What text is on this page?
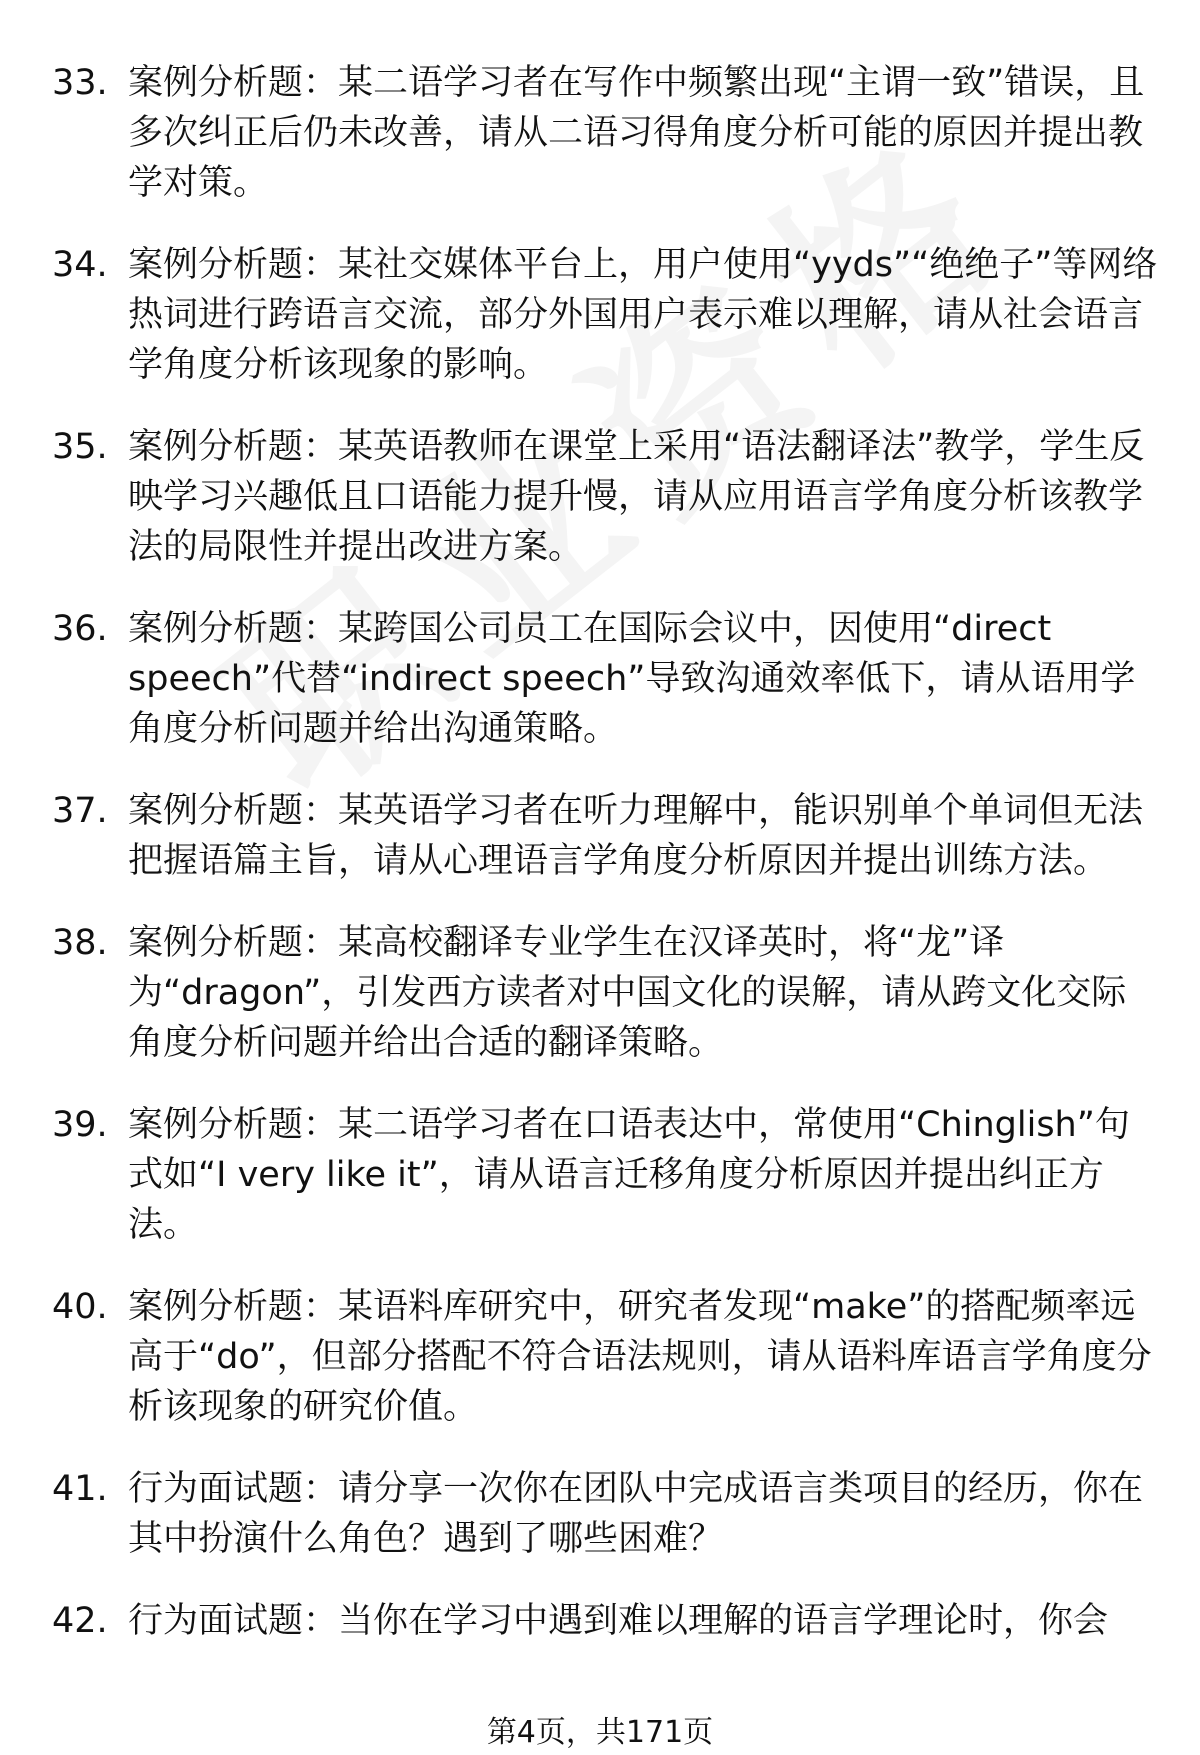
33. 案例分析题：某二语学习者在写作中频繁出现“主谓一致”错误，且多次纠正后仍未改善，请从二语习得角度分析可能的原因并提出教学对策。
34. 案例分析题：某社交媒体平台上，用户使用“yyds”“绝绝子”等网络热词进行跨语言交流，部分外国用户表示难以理解，请从社会语言学角度分析该现象的影响。
35. 案例分析题：某英语教师在课堂上采用“语法翻译法”教学，学生反映学习兴趣低且口语能力提升慢，请从应用语言学角度分析该教学法的局限性并提出改进方案。
36. 案例分析题：某跨国公司员工在国际会议中，因使用“direct speech”代替“indirect speech”导致沟通效率低下，请从语用学角度分析问题并给出沟通策略。
37. 案例分析题：某英语学习者在听力理解中，能识别单个单词但无法把握语篇主旨，请从心理语言学角度分析原因并提出训练方法。
38. 案例分析题：某高校翻译专业学生在汉译英时，将“龙”译为“dragon”，引发西方读者对中国文化的误解，请从跨文化交际角度分析问题并给出合适的翻译策略。
39. 案例分析题：某二语学习者在口语表达中，常使用“Chinglish”句式如“I very like it”，请从语言迁移角度分析原因并提出纠正方法。
40. 案例分析题：某语料库研究中，研究者发现“make”的搭配频率远高于“do”，但部分搭配不符合语法规则，请从语料库语言学角度分析该现象的研究价值。
41. 行为面试题：请分享一次你在团队中完成语言类项目的经历，你在其中扮演什么角色？遇到了哪些困难？
42. 行为面试题：当你在学习中遇到难以理解的语言学理论时，你会
第4页，共171页
